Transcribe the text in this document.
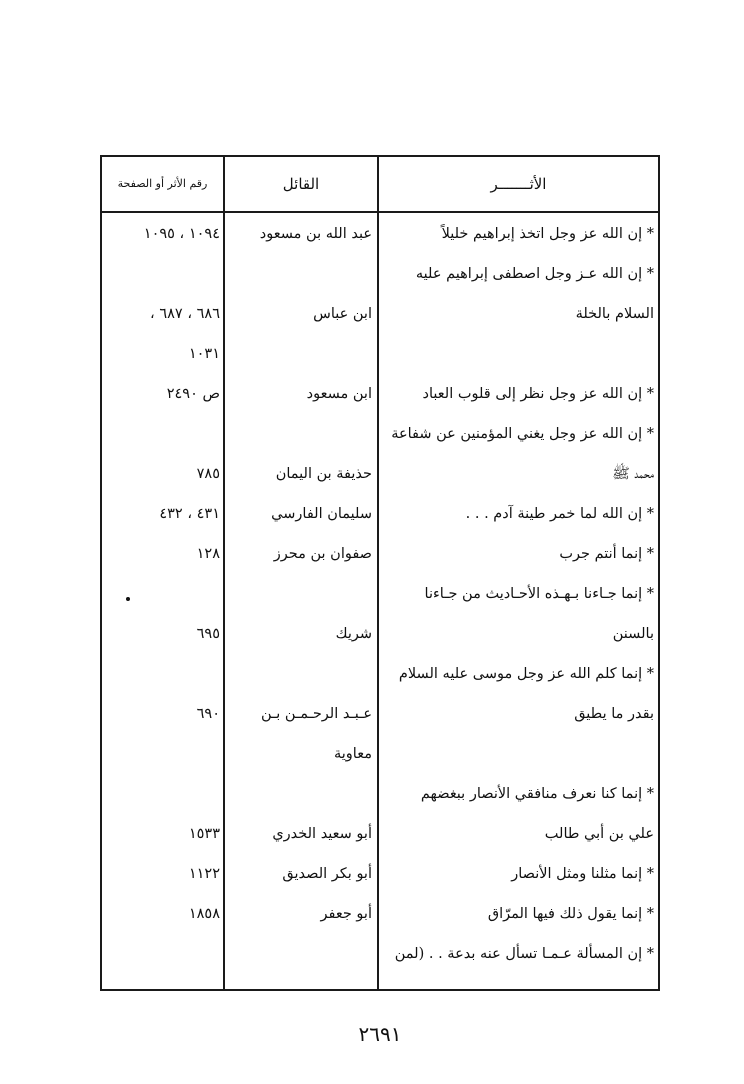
الأثـــــــر
القائل
رقم الأثر أو الصفحة
* إن الله عز وجل اتخذ إبراهيم خليلاً
عبد الله بن مسعود
١٠٩٤ ، ١٠٩٥
* إن الله عـز وجل اصطفى إبراهيم عليه
السلام بالخلة
ابن عباس
٦٨٦ ، ٦٨٧ ،
١٠٣١
* إن الله عز وجل نظر إلى قلوب العباد
ابن مسعود
ص ٢٤٩٠
* إن الله عز وجل يغني المؤمنين عن شفاعة
محمد ﷺ
حذيفة بن اليمان
٧٨٥
* إن الله لما خمر طينة آدم . . .
سليمان الفارسي
٤٣١ ، ٤٣٢
* إنما أنتم جرب
صفوان بن محرز
١٢٨
* إنما جـاءنا بـهـذه الأحـاديث من جـاءنا
بالسنن
شريك
٦٩٥
* إنما كلم الله عز وجل موسى عليه السلام
بقدر ما يطيق
عـبـد الرحـمـن بـن
٦٩٠
معاوية
* إنما كنا نعرف منافقي الأنصار ببغضهم
علي بن أبي طالب
أبو سعيد الخدري
١٥٣٣
* إنما مثلنا ومثل الأنصار
أبو بكر الصديق
١١٢٢
* إنما يقول ذلك فيها المرّاق
أبو جعفر
١٨٥٨
* إن المسألة عـمـا تسأل عنه بدعة . . (لمن
٢٦٩١
